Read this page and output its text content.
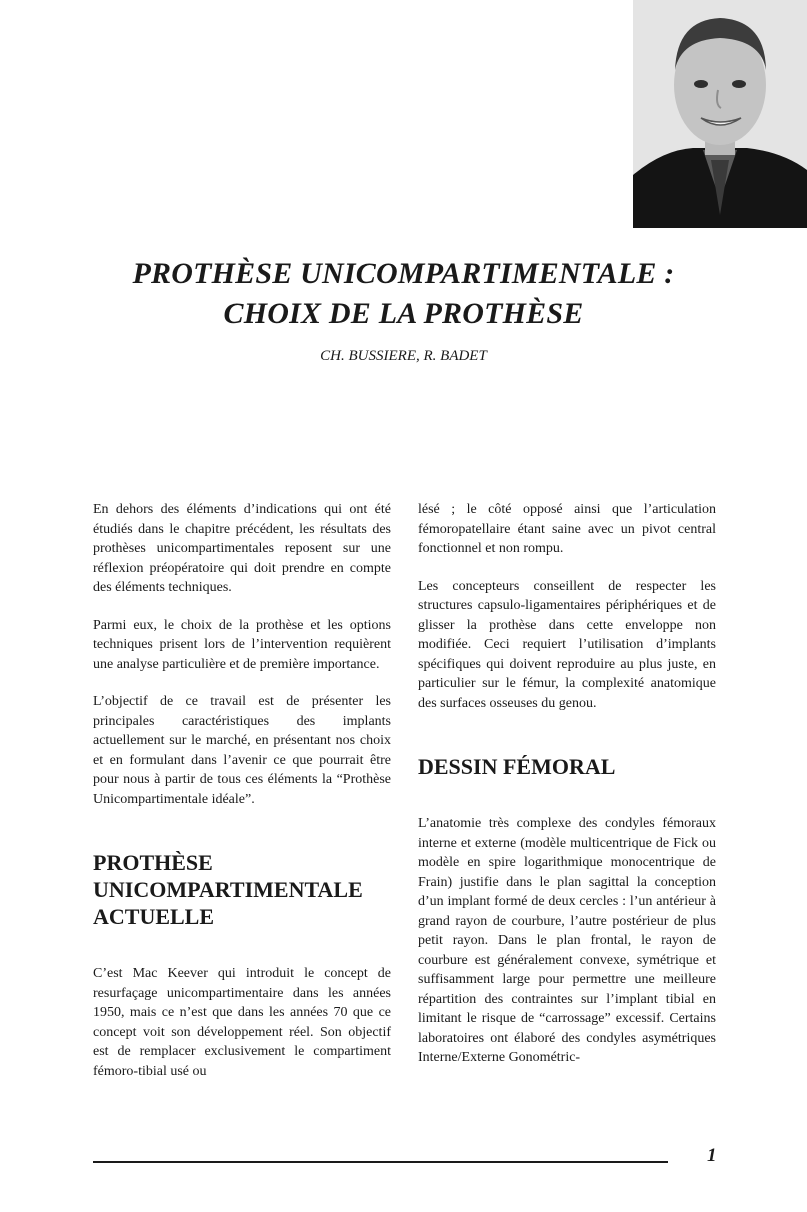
PROTHÈSE UNICOMPARTIMENTALE :
CHOIX DE LA PROTHÈSE
CH. BUSSIERE, R. BADET

En dehors des éléments d’indications qui ont été étudiés dans le chapitre précédent, les résultats des prothèses unicompartimentales reposent sur une réflexion préopératoire qui doit prendre en compte des éléments techniques.

Parmi eux, le choix de la prothèse et les options techniques prisent lors de l’intervention requièrent une analyse particulière et de première importance.

L’objectif de ce travail est de présenter les principales caractéristiques des implants actuellement sur le marché, en présentant nos choix et en formulant dans l’avenir ce que pourrait être pour nous à partir de tous ces éléments la “Prothèse Unicompartimentale idéale”.

PROTHÈSE
UNICOMPARTIMENTALE
ACTUELLE

C’est Mac Keever qui introduit le concept de resurfaçage unicompartimentaire dans les années 1950, mais ce n’est que dans les années 70 que ce concept voit son développement réel. Son objectif est de remplacer exclusivement le compartiment fémoro-tibial usé ou

lésé ; le côté opposé ainsi que l’articulation fémoropatellaire étant saine avec un pivot central fonctionnel et non rompu.

Les concepteurs conseillent de respecter les structures capsulo-ligamentaires périphériques et de glisser la prothèse dans cette enveloppe non modifiée. Ceci requiert l’utilisation d’implants spécifiques qui doivent reproduire au plus juste, en particulier sur le fémur, la complexité anatomique des surfaces osseuses du genou.

DESSIN FÉMORAL

L’anatomie très complexe des condyles fémoraux interne et externe (modèle multicentrique de Fick ou modèle en spire logarithmique monocentrique de Frain) justifie dans le plan sagittal la conception d’un implant formé de deux cercles : l’un antérieur à grand rayon de courbure, l’autre postérieur de plus petit rayon. Dans le plan frontal, le rayon de courbure est généralement convexe, symétrique et suffisamment large pour permettre une meilleure répartition des contraintes sur l’implant tibial en limitant le risque de “carrossage” excessif. Certains laboratoires ont élaboré des condyles asymétriques Interne/Externe Gonométric-

1
